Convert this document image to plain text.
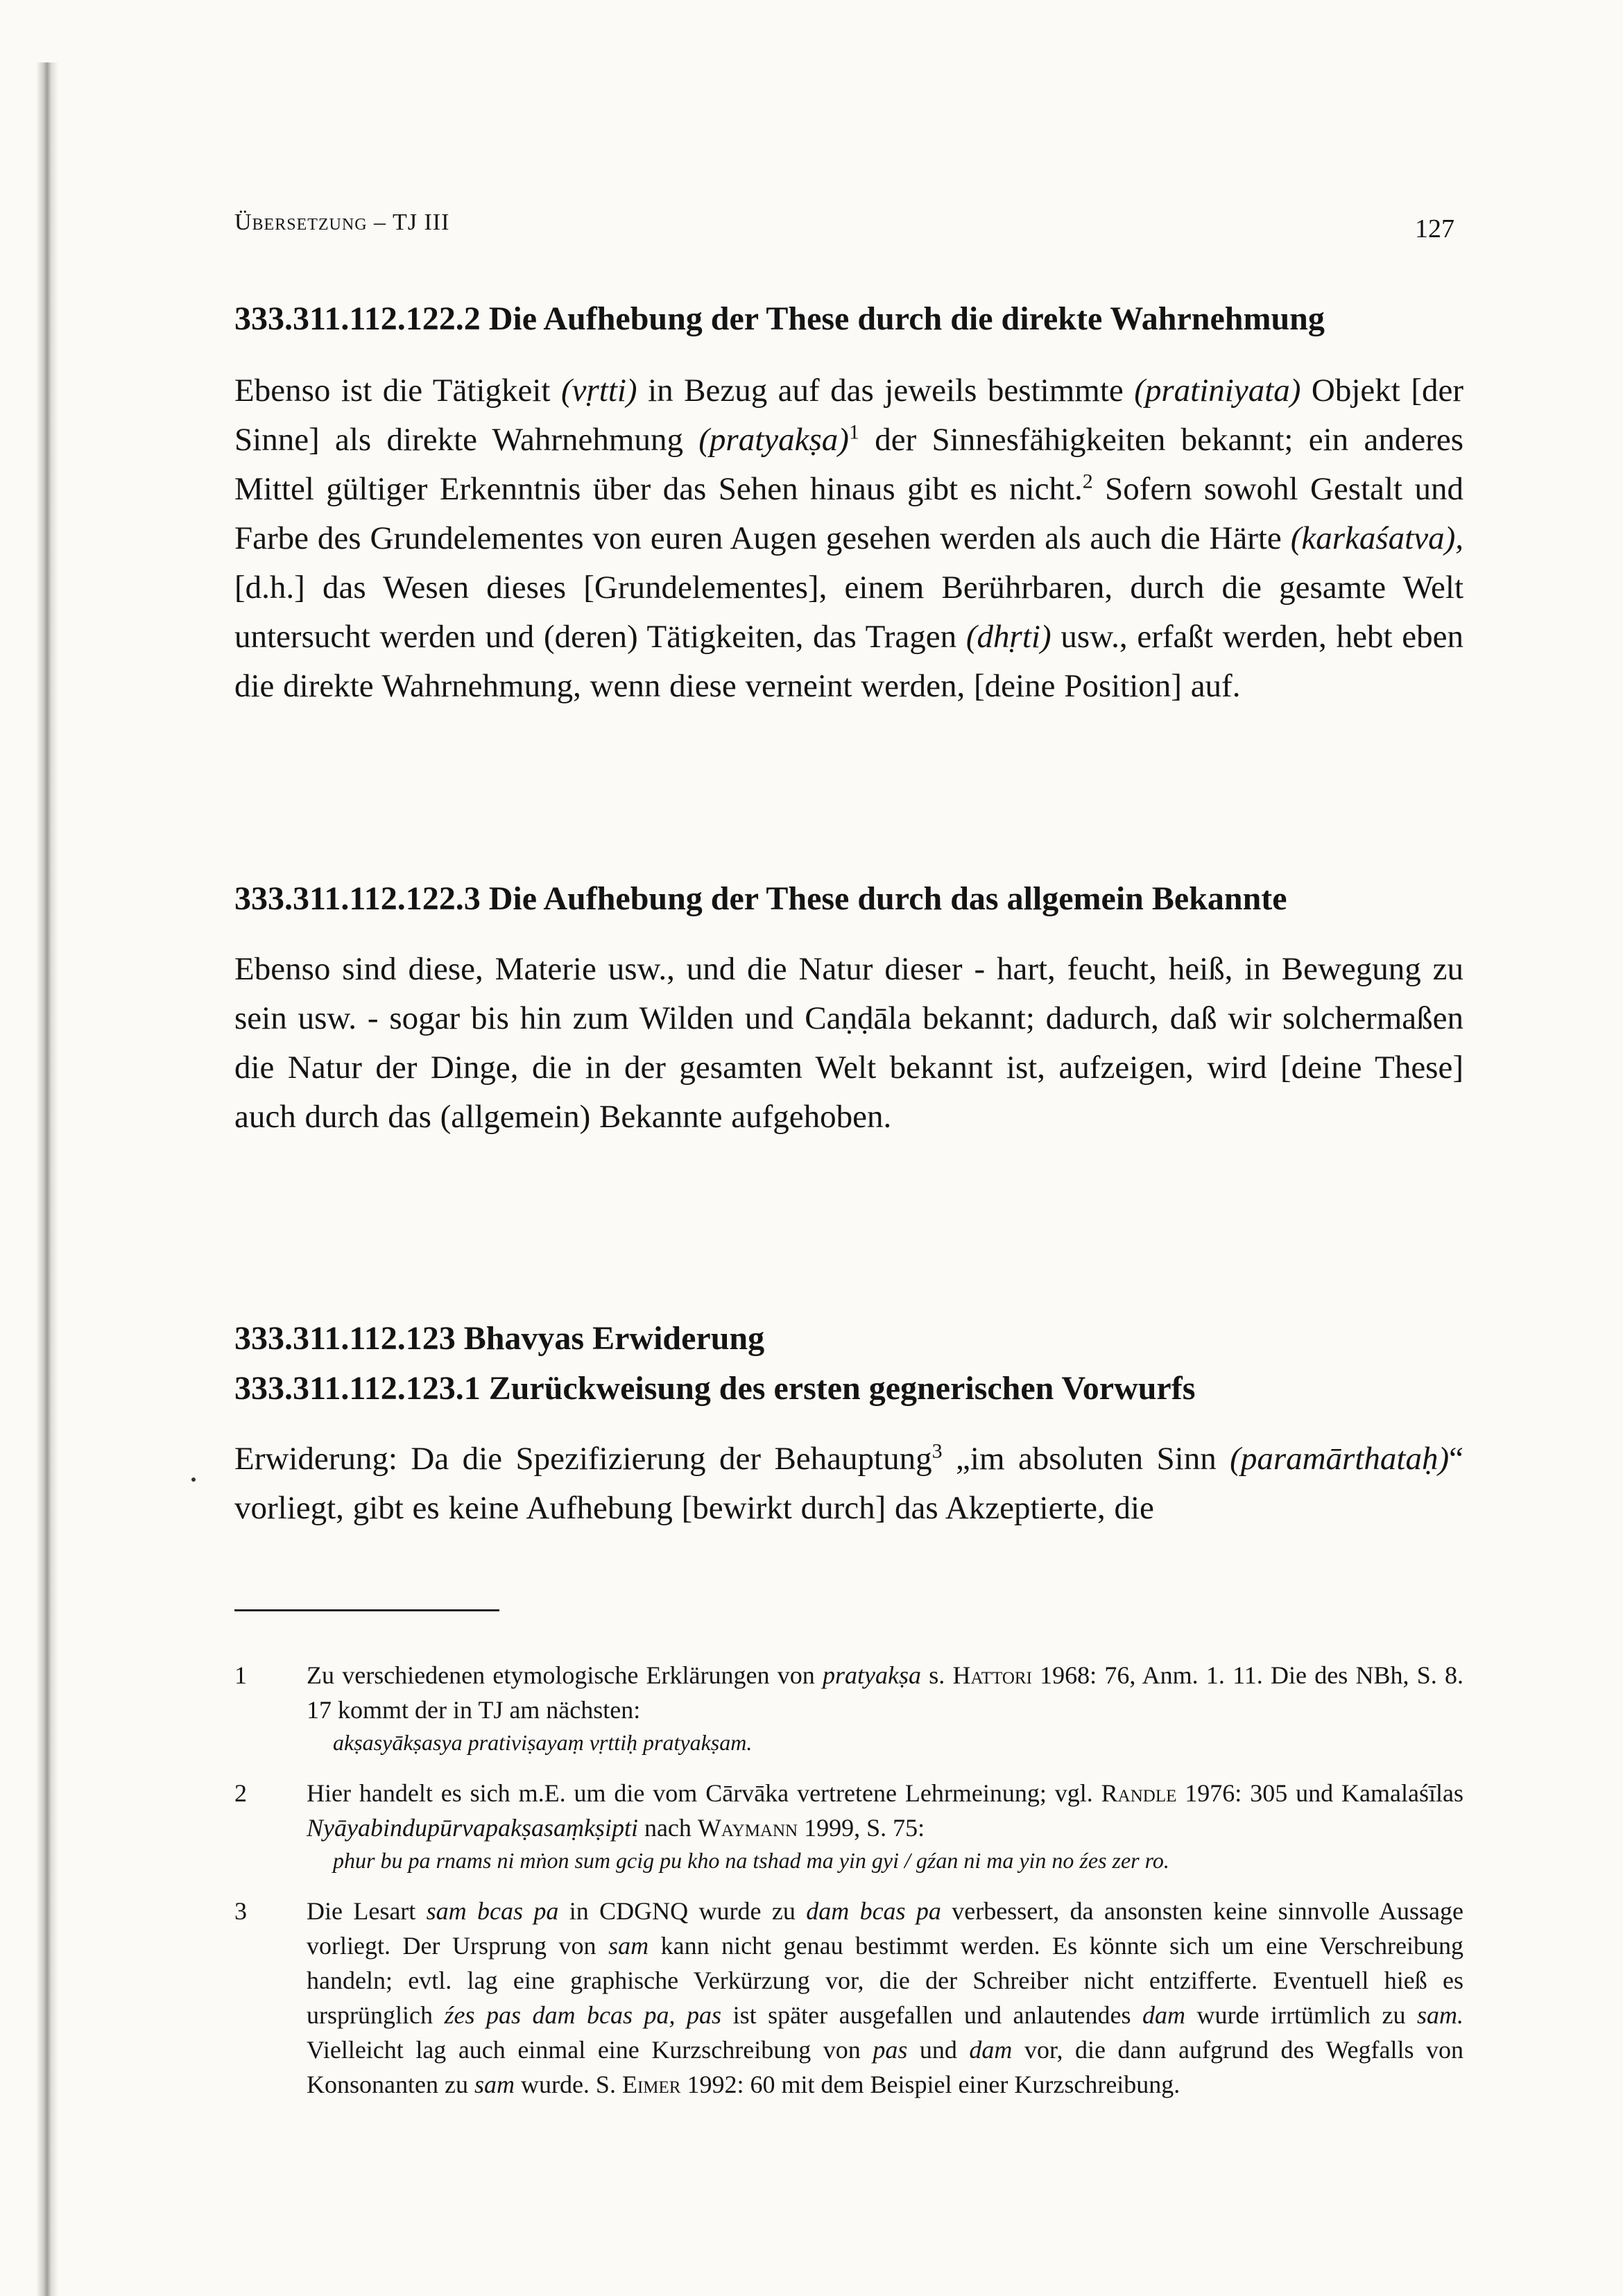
Übersetzung – TJ III	127
333.311.112.122.2 Die Aufhebung der These durch die direkte Wahrnehmung
Ebenso ist die Tätigkeit (vṛtti) in Bezug auf das jeweils bestimmte (pratiniyata) Objekt [der Sinne] als direkte Wahrnehmung (pratyakṣa)$^1$ der Sinnesfähigkeiten bekannt; ein anderes Mittel gültiger Erkenntnis über das Sehen hinaus gibt es nicht.$^2$ Sofern sowohl Gestalt und Farbe des Grundelementes von euren Augen gesehen werden als auch die Härte (karkaśatva), [d.h.] das Wesen dieses [Grundelementes], einem Berührbaren, durch die gesamte Welt untersucht werden und (deren) Tätigkeiten, das Tragen (dhṛti) usw., erfaßt werden, hebt eben die direkte Wahrnehmung, wenn diese verneint werden, [deine Position] auf.
333.311.112.122.3 Die Aufhebung der These durch das allgemein Bekannte
Ebenso sind diese, Materie usw., und die Natur dieser - hart, feucht, heiß, in Bewegung zu sein usw. - sogar bis hin zum Wilden und Caṇḍāla bekannt; dadurch, daß wir solchermaßen die Natur der Dinge, die in der gesamten Welt bekannt ist, aufzeigen, wird [deine These] auch durch das (allgemein) Bekannte aufgehoben.
333.311.112.123 Bhavyas Erwiderung
333.311.112.123.1 Zurückweisung des ersten gegnerischen Vorwurfs
Erwiderung: Da die Spezifizierung der Behauptung$^3$ „im absoluten Sinn (paramārthataḥ)“ vorliegt, gibt es keine Aufhebung [bewirkt durch] das Akzeptierte, die
1	Zu verschiedenen etymologische Erklärungen von pratyakṣa s. Hattori 1968: 76, Anm. 1. 11. Die des NBh, S. 8. 17 kommt der in TJ am nächsten:
akṣasyākṣasya prativiṣayaṃ vṛttiḥ pratyakṣam.
2	Hier handelt es sich m.E. um die vom Cārvāka vertretene Lehrmeinung; vgl. Randle 1976: 305 und Kamalaśīlas Nyāyabindupūrvapakṣasaṃkṣipti nach Waymann 1999, S. 75:
phur bu pa rnams ni mṅon sum gcig pu kho na tshad ma yin gyi / gźan ni ma yin no źes zer ro.
3	Die Lesart sam bcas pa in CDGNQ wurde zu dam bcas pa verbessert, da ansonsten keine sinnvolle Aussage vorliegt. Der Ursprung von sam kann nicht genau bestimmt werden. Es könnte sich um eine Verschreibung handeln; evtl. lag eine graphische Verkürzung vor, die der Schreiber nicht entzifferte. Eventuell hieß es ursprünglich źes pas dam bcas pa, pas ist später ausgefallen und anlautendes dam wurde irrtümlich zu sam. Vielleicht lag auch einmal eine Kurzschreibung von pas und dam vor, die dann aufgrund des Wegfalls von Konsonanten zu sam wurde. S. Eimer 1992: 60 mit dem Beispiel einer Kurzschreibung.
